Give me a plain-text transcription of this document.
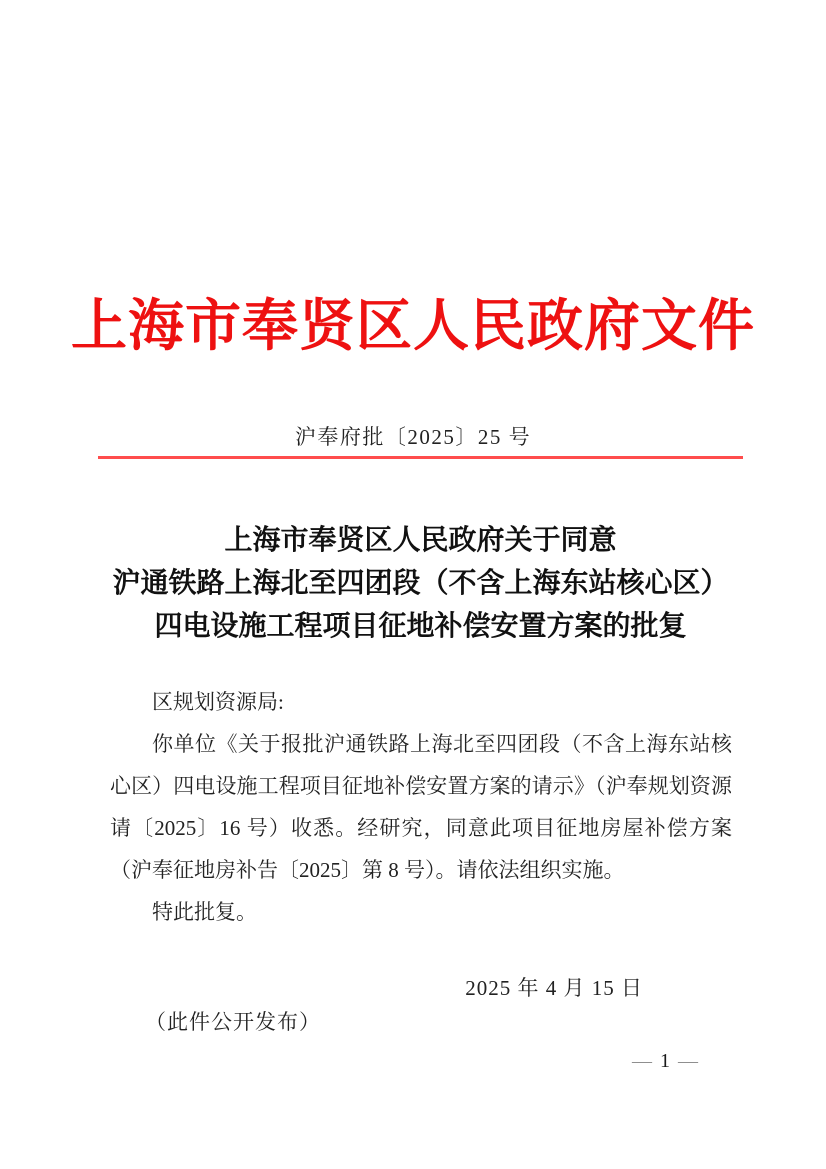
上海市奉贤区人民政府文件
沪奉府批〔2025〕25 号
上海市奉贤区人民政府关于同意
沪通铁路上海北至四团段（不含上海东站核心区）
四电设施工程项目征地补偿安置方案的批复

区规划资源局:

你单位《关于报批沪通铁路上海北至四团段（不含上海东站核心区）四电设施工程项目征地补偿安置方案的请示》（沪奉规划资源请〔2025〕16 号）收悉。经研究，同意此项目征地房屋补偿方案（沪奉征地房补告〔2025〕第 8 号）。请依法组织实施。

特此批复。

2025 年 4 月 15 日
（此件公开发布）
— 1 —
